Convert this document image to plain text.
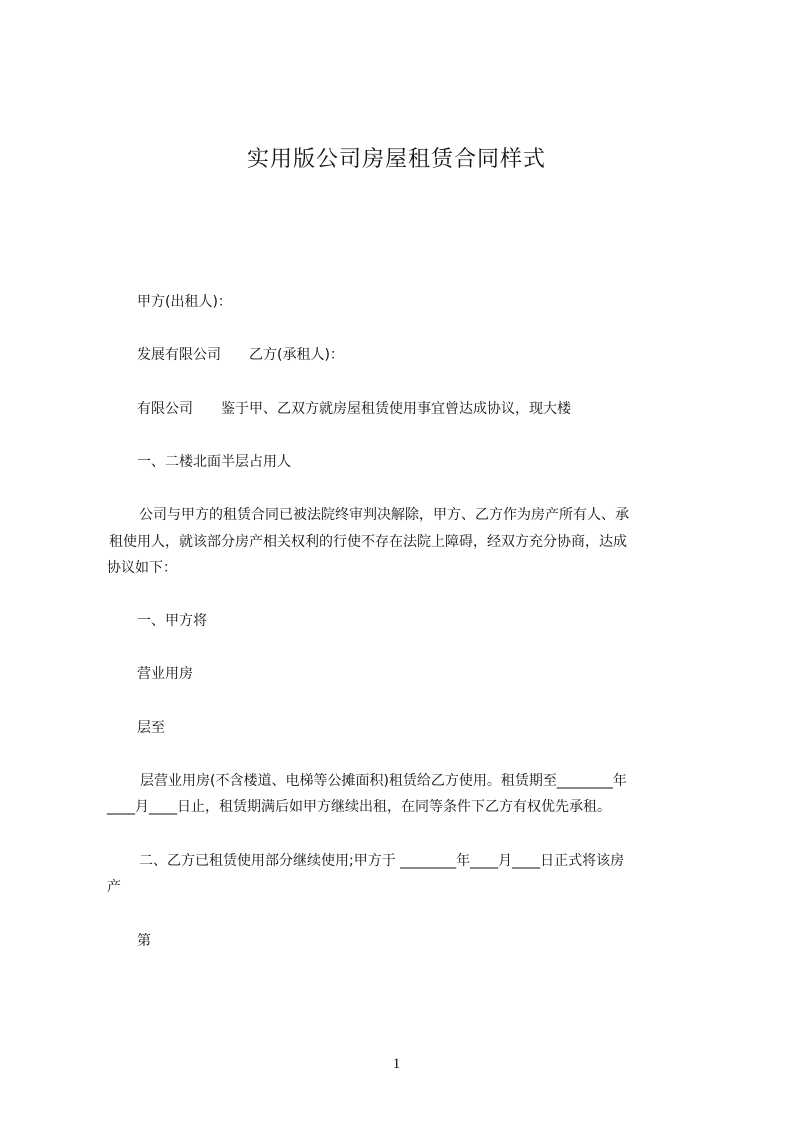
实用版公司房屋租赁合同样式
甲方(出租人)：
发展有限公司　　乙方(承租人)：
有限公司　　鉴于甲、乙双方就房屋租赁使用事宜曾达成协议，现大楼
一、二楼北面半层占用人
公司与甲方的租赁合同已被法院终审判决解除，甲方、乙方作为房产所有人、承
租使用人，就该部分房产相关权利的行使不存在法院上障碍，经双方充分协商，达成
协议如下：
一、甲方将
营业用房
层至
层营业用房(不含楼道、电梯等公摊面积)租赁给乙方使用。租赁期至________年
____月____日止，租赁期满后如甲方继续出租，在同等条件下乙方有权优先承租。
二、乙方已租赁使用部分继续使用;甲方于 ________年____月____日正式将该房
产
第
1
